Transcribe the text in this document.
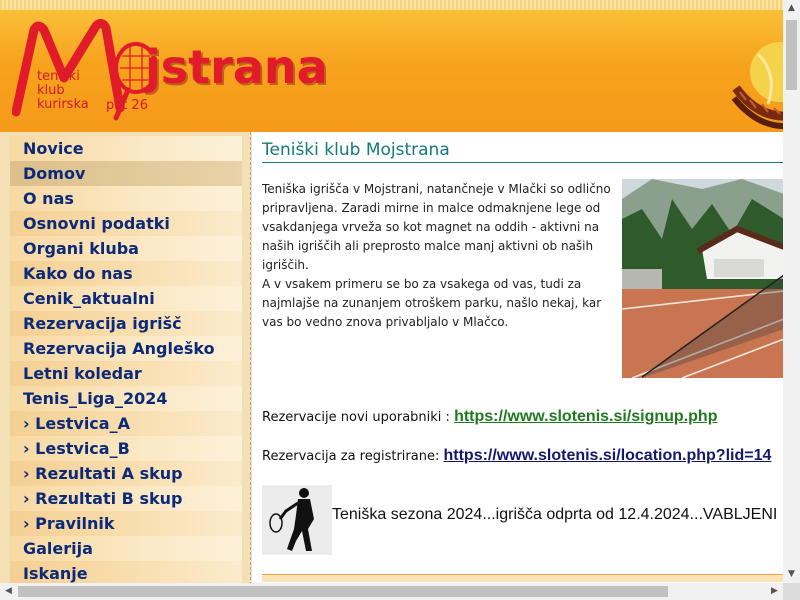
teniški
klub
kurirska pot 26
jstrana
Novice
Domov
O nas
Osnovni podatki
Organi kluba
Kako do nas
Cenik_aktualni
Rezervacija igrišč
Rezervacija Angleško
Letni koledar
Tenis_Liga_2024
› Lestvica_A
› Lestvica_B
› Rezultati A skup
› Rezultati B skup
› Pravilnik
Galerija
Iskanje
Teniški klub Mojstrana
Teniška igrišča v Mojstrani, natančneje v Mlački so odlično pripravljena. Zaradi mirne in malce odmaknjene lege od vsakdanjega vrveža so kot magnet na oddih - aktivni na naših igriščih ali preprosto malce manj aktivni ob naših igriščih.
A v vsakem primeru se bo za vsakega od vas, tudi za najmlajše na zunanjem otroškem parku, našlo nekaj, kar vas bo vedno znova privabljalo v Mlačco.
Rezervacije novi uporabniki : https://www.slotenis.si/signup.php
Rezervacija za registrirane: https://www.slotenis.si/location.php?lid=14
Teniška sezona 2024...igrišča odprta od 12.4.2024...VABLJENI
▲
▼
◀	▶
